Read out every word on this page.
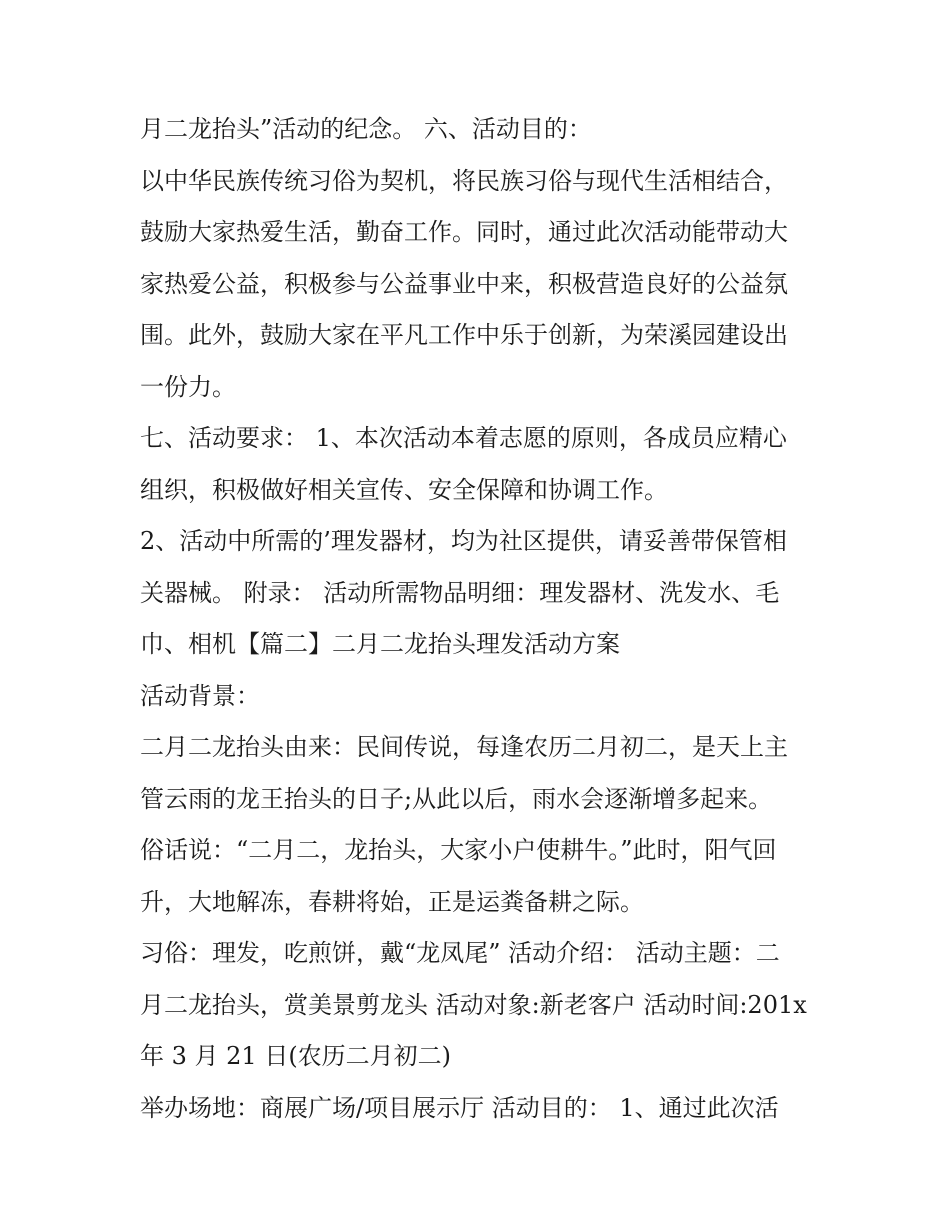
月二龙抬头”活动的纪念。 六、活动目的：
以中华民族传统习俗为契机，将民族习俗与现代生活相结合，
鼓励大家热爱生活，勤奋工作。同时，通过此次活动能带动大
家热爱公益，积极参与公益事业中来，积极营造良好的公益氛
围。此外，鼓励大家在平凡工作中乐于创新，为荣溪园建设出
一份力。
七、活动要求： 1、本次活动本着志愿的原则，各成员应精心
组织，积极做好相关宣传、安全保障和协调工作。
2、活动中所需的’理发器材，均为社区提供，请妥善带保管相
关器械。 附录： 活动所需物品明细：理发器材、洗发水、毛
巾、相机【篇二】二月二龙抬头理发活动方案
活动背景：
二月二龙抬头由来：民间传说，每逢农历二月初二，是天上主
管云雨的龙王抬头的日子;从此以后，雨水会逐渐增多起来。
俗话说：“二月二，龙抬头，大家小户使耕牛。”此时，阳气回
升，大地解冻，春耕将始，正是运粪备耕之际。
习俗：理发，吃煎饼，戴“龙凤尾” 活动介绍： 活动主题：二
月二龙抬头，赏美景剪龙头 活动对象:新老客户 活动时间:201x
年 3 月 21 日(农历二月初二)
举办场地：商展广场/项目展示厅 活动目的： 1、通过此次活
